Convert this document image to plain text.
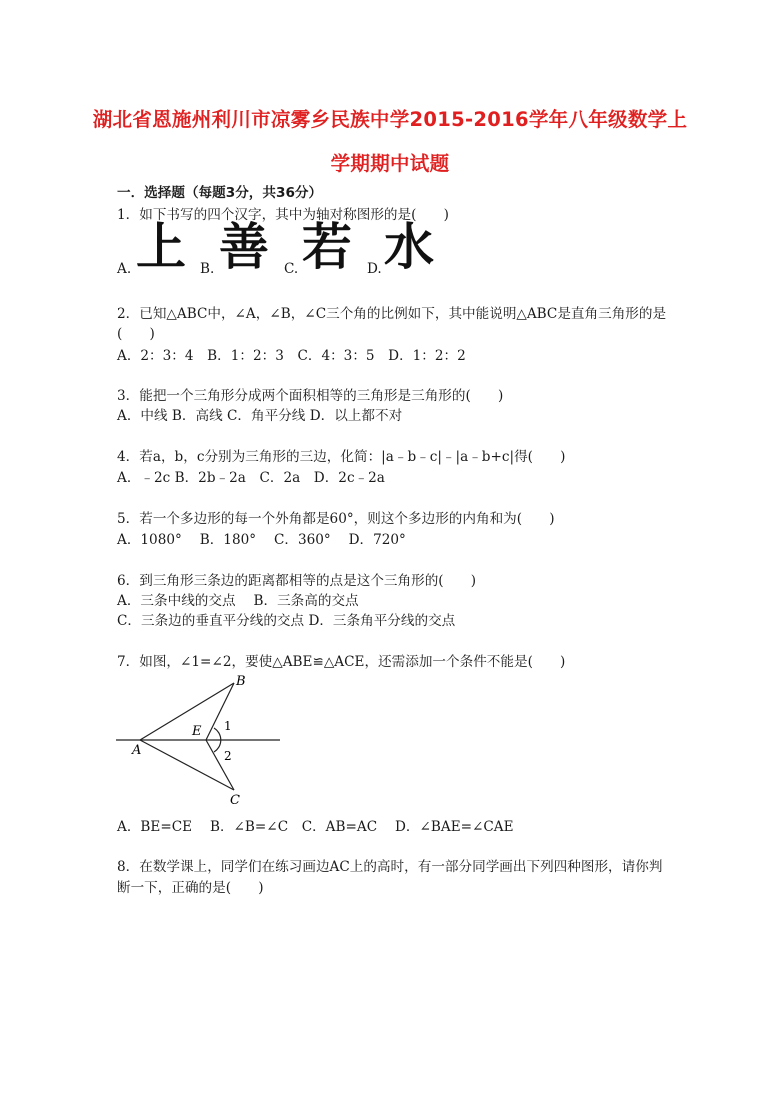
湖北省恩施州利川市凉雾乡民族中学2015-2016学年八年级数学上
学期期中试题
一．选择题（每题3分，共36分）
1．如下书写的四个汉字，其中为轴对称图形的是(　　)
A. 上 B. 善 C. 若 D. 水
2．已知△ABC中，∠A，∠B，∠C三个角的比例如下，其中能说明△ABC是直角三角形的是
(　　)
A．2：3：4　B．1：2：3　C．4：3：5　D．1：2：2
3．能把一个三角形分成两个面积相等的三角形是三角形的(　　)
A．中线 B．高线 C．角平分线 D．以上都不对
4．若a，b，c分别为三角形的三边，化简：|a﹣b﹣c|﹣|a﹣b+c|得(　　)
A．﹣2c B．2b﹣2a　C．2a　D．2c﹣2a
5．若一个多边形的每一个外角都是60°，则这个多边形的内角和为(　　)
A．1080°　 B．180°　 C．360°　 D．720°
6．到三角形三条边的距离都相等的点是这个三角形的(　　)
A．三条中线的交点　 B．三条高的交点
C．三条边的垂直平分线的交点 D．三条角平分线的交点
7．如图，∠1=∠2，要使△ABE≌△ACE，还需添加一个条件不能是(　　)
A
B
C
E 1
2
A．BE=CE　 B．∠B=∠C　C．AB=AC　 D．∠BAE=∠CAE
8．在数学课上，同学们在练习画边AC上的高时，有一部分同学画出下列四种图形，请你判
断一下，正确的是(　　)
